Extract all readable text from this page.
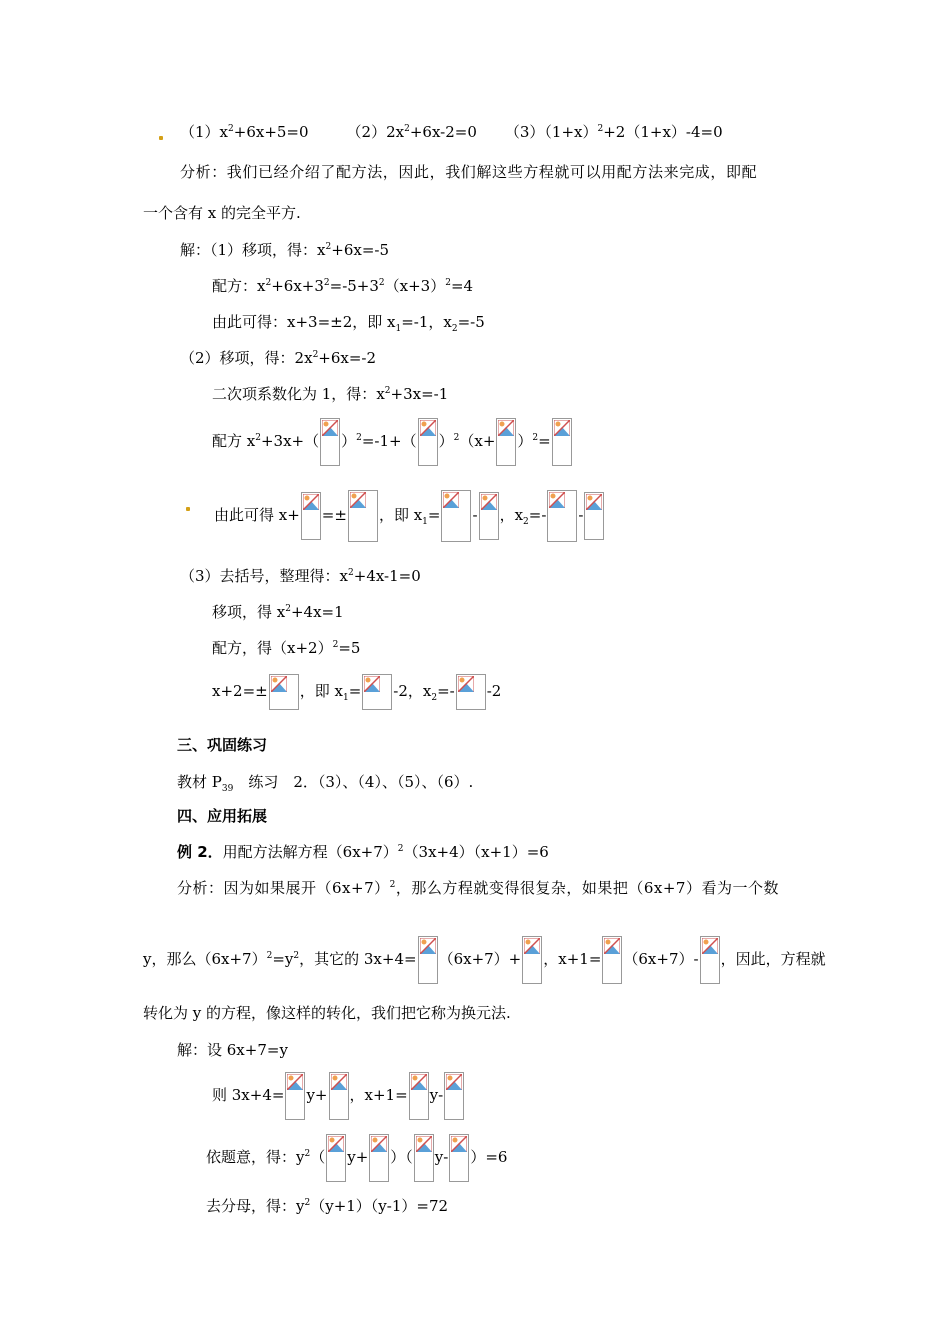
$(1)x^2+6x+5=0$	$(2)2x^2+6x-2=0$ $(3)(1+x)^2+2(1+x)-4=0$
分析：我们已经介绍了配方法，因此，我们解这些方程就可以用配方法来完成，即配
一个含有 x 的完全平方.
解：（1）移项，得：$x^2+6x=-5$
配方：$x^2+6x+3^2=-5+3^2(x+3)^2=4$
由此可得：x+3=±2，即 $x_1=-1$，$x_2=-5$
（2）移项，得：$2x^2+6x=-2$
二次项系数化为 1，得：$x^2+3x=-1$
配方 $x^2+3x+$（ ）$^2$=-1+（ ）$^2(x+ )^2=$
由此可得 x+ =± ，即 $x_1=$ - ，$x_2=-$ -
（3）去括号，整理得：$x^2+4x-1=0$
移项，得 $x^2+4x=1$
配方，得$(x+2)^2=5$
x+2=± ，即 $x_1= -2$，$x_2=-$ -2
三、巩固练习
教材 $P_{39}$　练习　2．（3）、（4）、（5）、（6）.
四、应用拓展
例 2．用配方法解方程$(6x+7)^2(3x+4)(x+1)=6$
分析：因为如果展开$(6x+7)^2$，那么方程就变得很复杂，如果把（6x+7）看为一个数
y，那么$(6x+7)^2=y^2$，其它的 3x+4= （6x+7）+ ，x+1= （6x+7）- ，因此，方程就
转化为 y 的方程，像这样的转化，我们把它称为换元法.
解：设 6x+7=y
则 3x+4= y+ ，x+1= y-
依题意，得：$y^2$（ y+ ）（ y- ）=6
去分母，得：$y^2(y+1)(y-1)=72$
